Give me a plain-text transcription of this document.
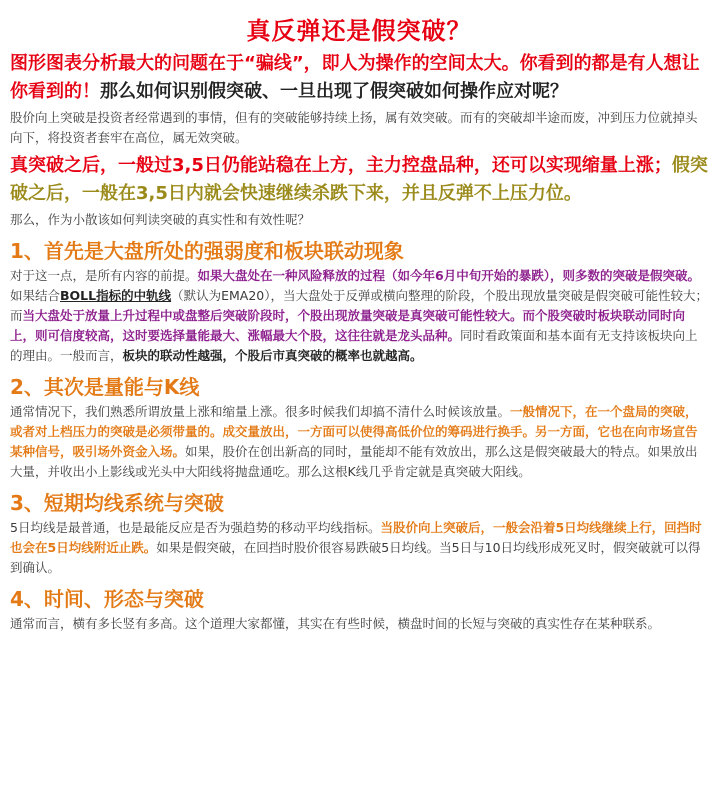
真反弹还是假突破？

图形图表分析最大的问题在于“骗线”，即人为操作的空间太大。你看到的都是有人想让你看到的！那么如何识别假突破、一旦出现了假突破如何操作应对呢？

股价向上突破是投资者经常遇到的事情，但有的突破能够持续上扬，属有效突破。而有的突破却半途而废，冲到压力位就掉头向下，将投资者套牢在高位，属无效突破。

真突破之后，一般过3,5日仍能站稳在上方，主力控盘品种，还可以实现缩量上涨；假突破之后，一般在3,5日内就会快速继续杀跌下来，并且反弹不上压力位。

那么，作为小散该如何判读突破的真实性和有效性呢？

1、首先是大盘所处的强弱度和板块联动现象

对于这一点，是所有内容的前提。如果大盘处在一种风险释放的过程（如今年6月中旬开始的暴跌），则多数的突破是假突破。如果结合BOLL指标的中轨线（默认为EMA20），当大盘处于反弹或横向整理的阶段，个股出现放量突破是假突破可能性较大；而当大盘处于放量上升过程中或盘整后突破阶段时，个股出现放量突破是真突破可能性较大。而个股突破时板块联动同时向上，则可信度较高，这时要选择量能最大、涨幅最大个股，这往往就是龙头品种。同时看政策面和基本面有无支持该板块向上的理由。一般而言，板块的联动性越强，个股后市真突破的概率也就越高。

2、其次是量能与K线

通常情况下，我们熟悉所谓放量上涨和缩量上涨。很多时候我们却搞不清什么时候该放量。一般情况下，在一个盘局的突破，或者对上档压力的突破是必须带量的。成交量放出，一方面可以使得高低价位的筹码进行换手。另一方面，它也在向市场宣告某种信号，吸引场外资金入场。如果，股价在创出新高的同时，量能却不能有效放出，那么这是假突破最大的特点。如果放出大量，并收出小上影线或光头中大阳线将抛盘通吃。那么这根K线几乎肯定就是真突破大阳线。

3、短期均线系统与突破

5日均线是最普通，也是最能反应是否为强趋势的移动平均线指标。当股价向上突破后，一般会沿着5日均线继续上行，回挡时也会在5日均线附近止跌。如果是假突破，在回挡时股价很容易跌破5日均线。当5日与10日均线形成死叉时，假突破就可以得到确认。

4、时间、形态与突破

通常而言，横有多长竖有多高。这个道理大家都懂，其实在有些时候，横盘时间的长短与突破的真实性存在某种联系。
